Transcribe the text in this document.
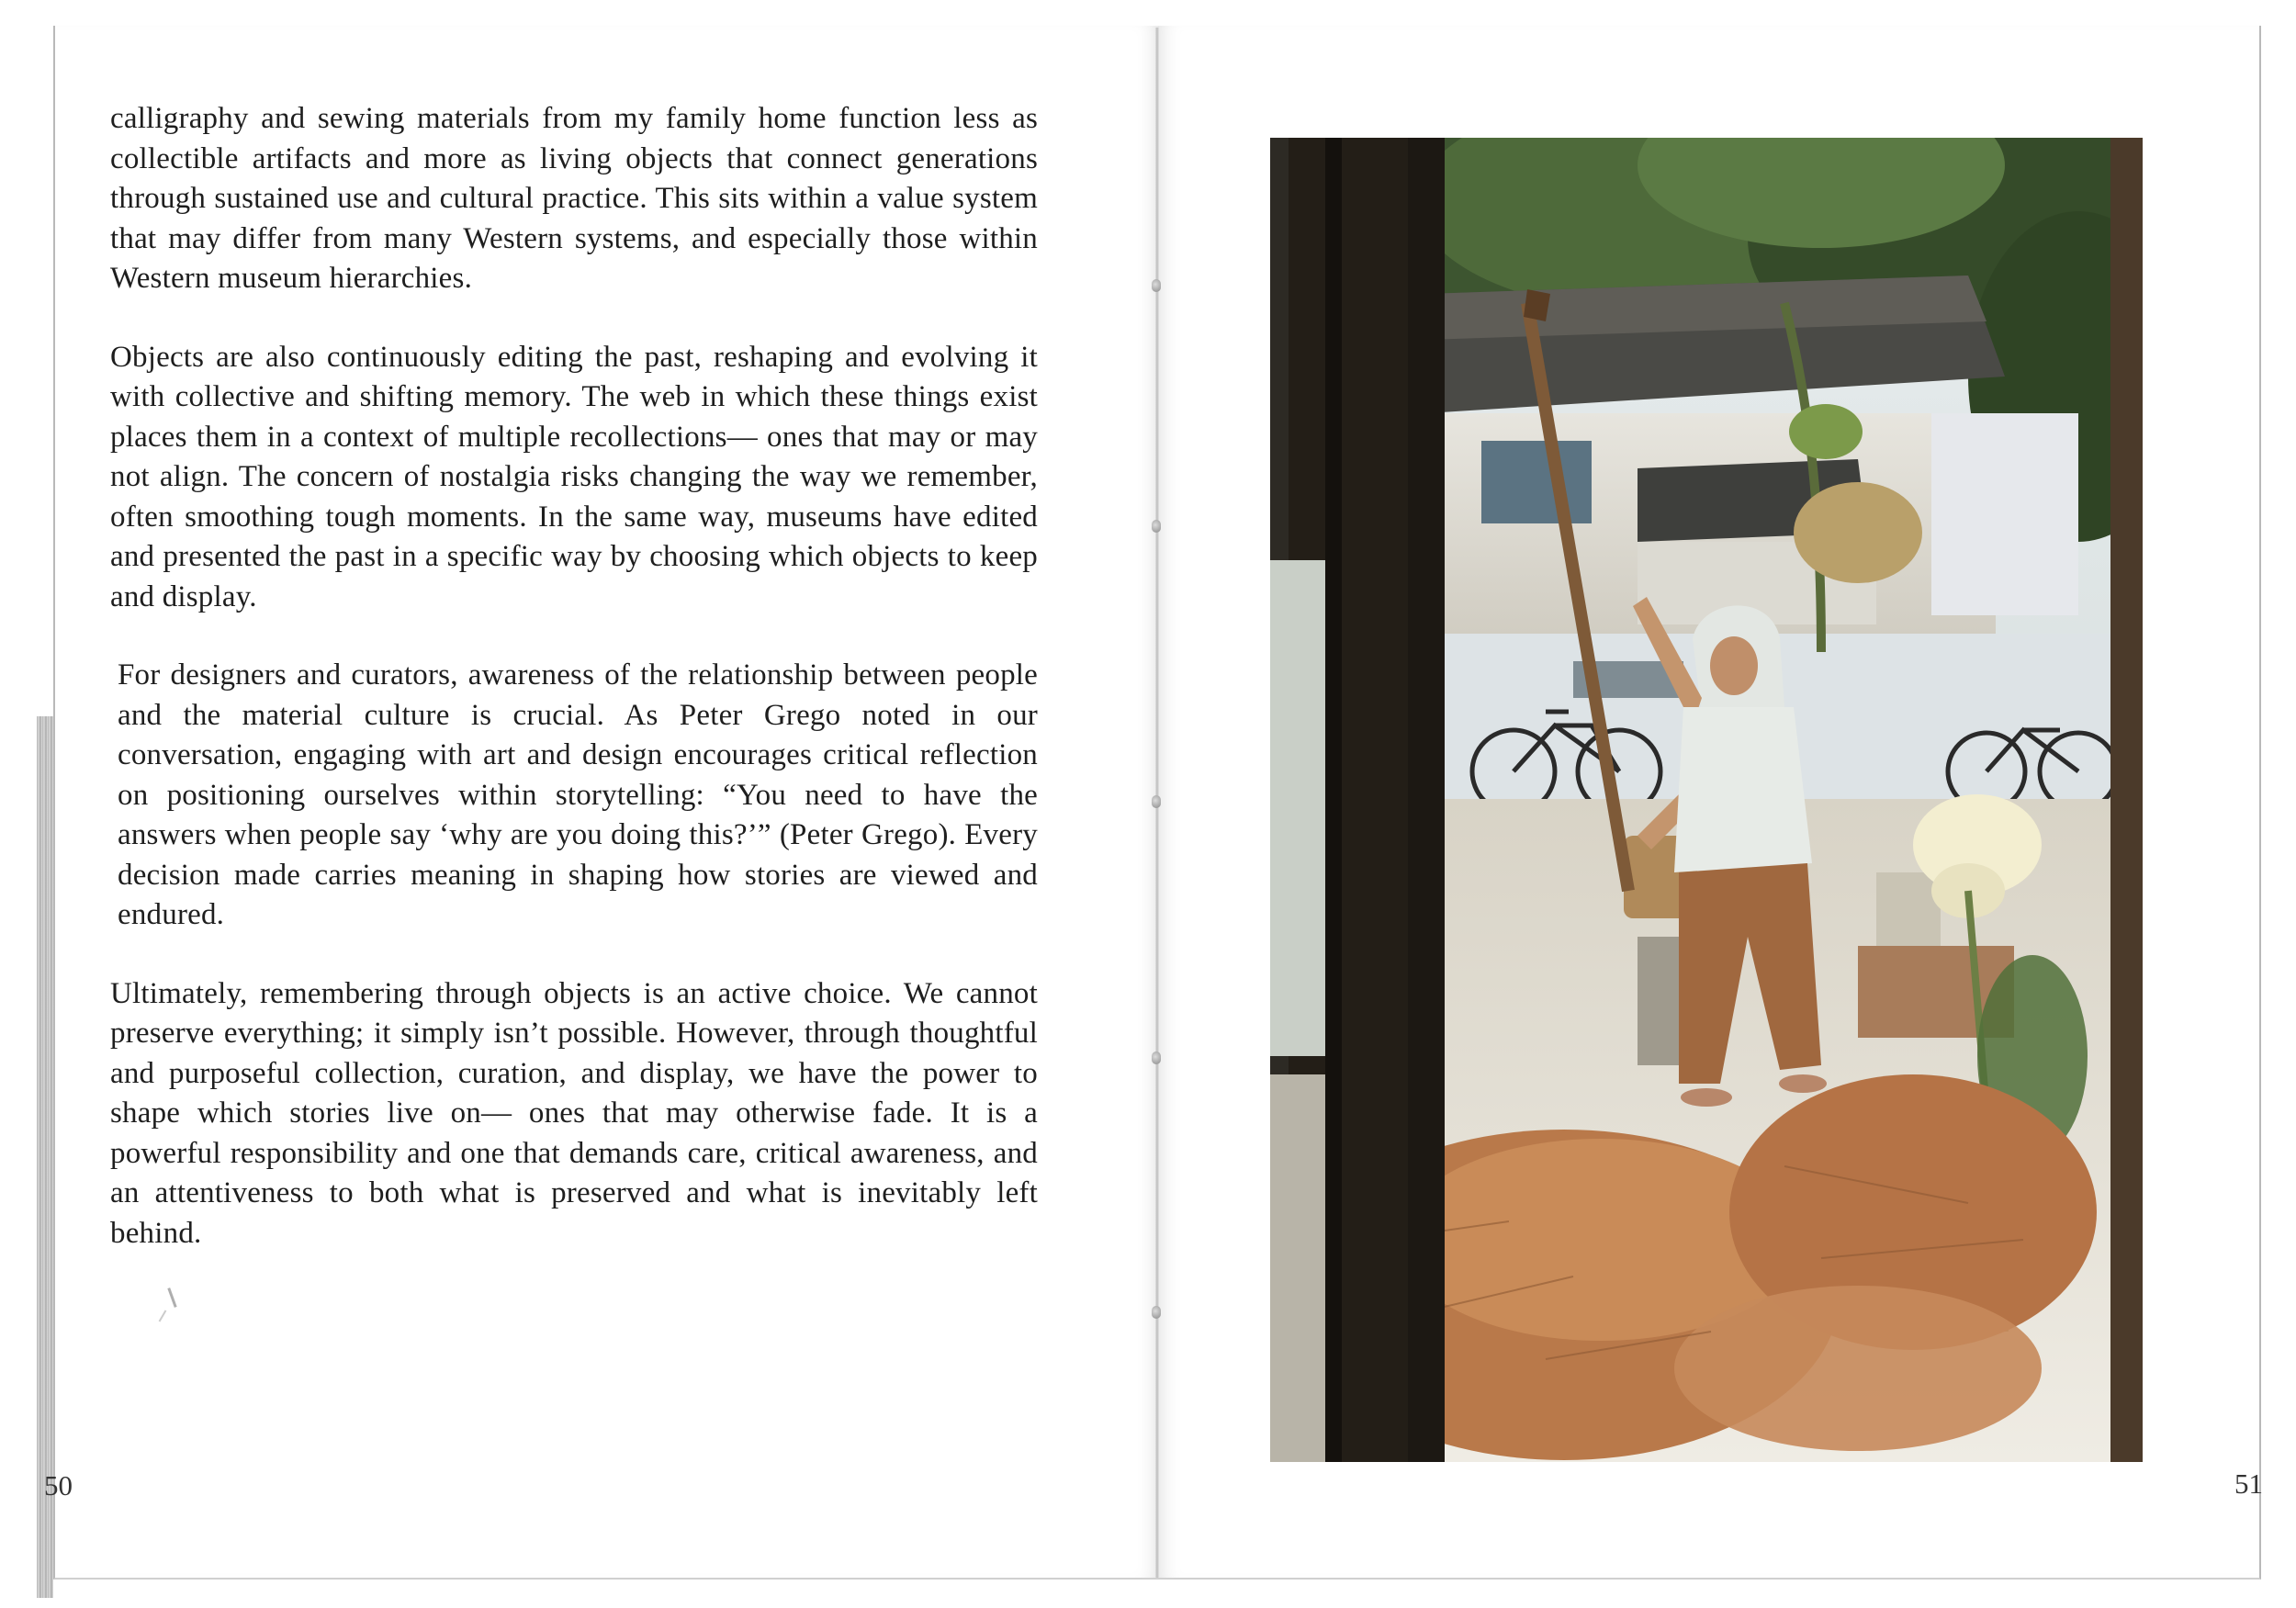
calligraphy and sewing materials from my family home function less as collectible artifacts and more as living objects that connect generations through sustained use and cultural practice. This sits within a value system that may differ from many Western systems, and especially those within Western museum hierarchies.

Objects are also continuously editing the past, reshaping and evolving it with collective and shifting memory. The web in which these things exist places them in a context of multiple recollections— ones that may or may not align. The concern of nostalgia risks changing the way we remember, often smoothing tough moments. In the same way, museums have edited and presented the past in a specific way by choosing which objects to keep and display.

For designers and curators, awareness of the relationship between people and the material culture is crucial. As Peter Grego noted in our conversation, engaging with art and design encourages critical reflection on positioning ourselves within storytelling: “You need to have the answers when people say ‘why are you doing this?’” (Peter Grego). Every decision made carries meaning in shaping how stories are viewed and endured.

Ultimately, remembering through objects is an active choice. We cannot preserve everything; it simply isn’t possible. However, through thoughtful and purposeful collection, curation, and display, we have the power to shape which stories live on— ones that may otherwise fade. It is a powerful responsibility and one that demands care, critical awareness, and an attentiveness to both what is preserved and what is inevitably left behind.

50	51
